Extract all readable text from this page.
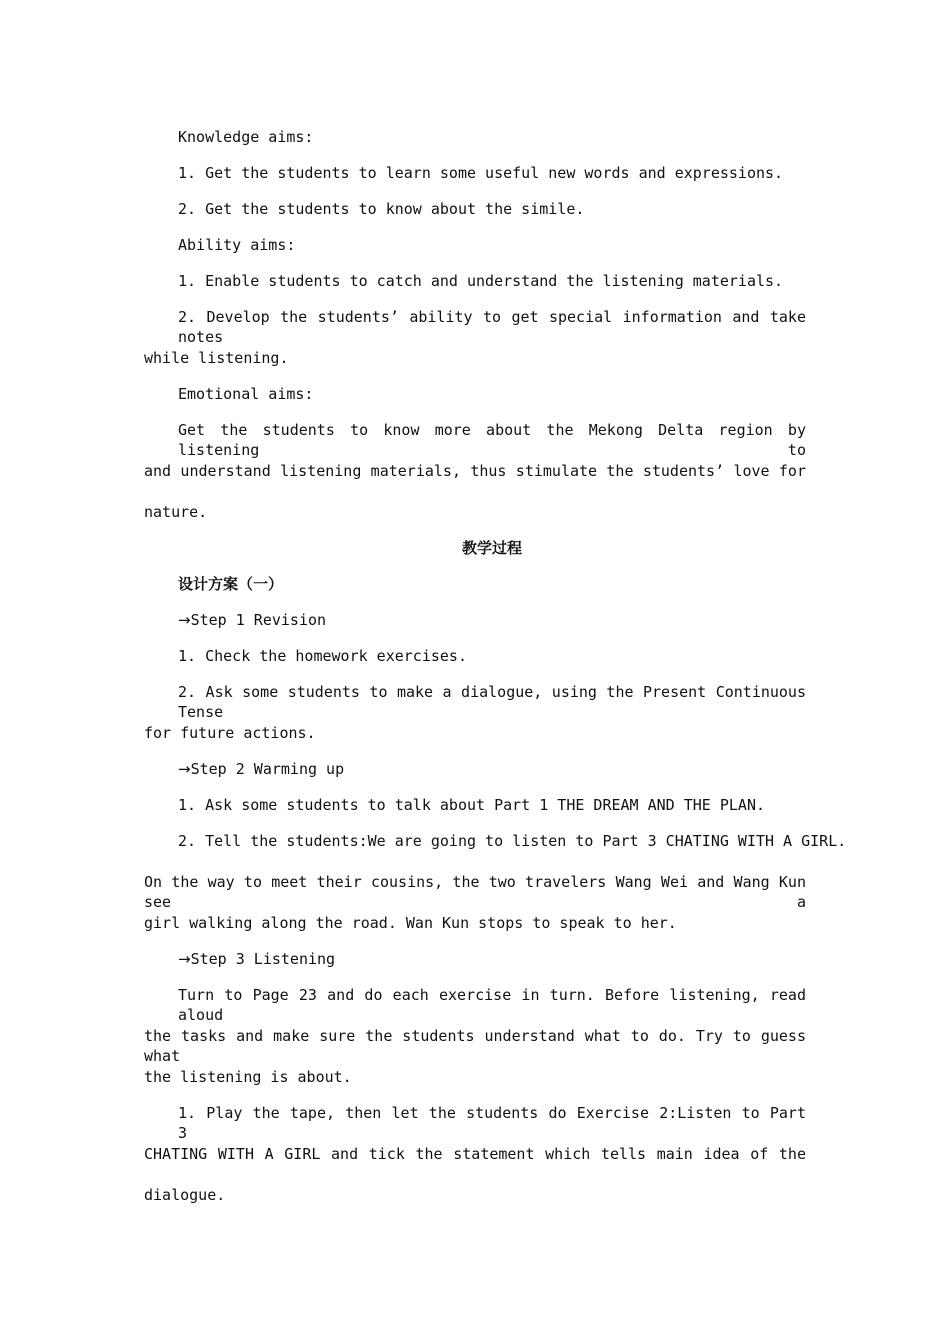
Knowledge aims:
1. Get the students to learn some useful new words and expressions.
2. Get the students to know about the simile.
Ability aims:
1. Enable students to catch and understand the listening materials.
2. Develop the students’ ability to get special information and take notes
while listening.
Emotional aims:
Get the students to know more about the Mekong Delta region by listening to
and understand listening materials, thus stimulate the students’ love for
nature.
教学过程
设计方案（一）
→Step 1 Revision
1. Check the homework exercises.
2. Ask some students to make a dialogue, using the Present Continuous Tense
for future actions.
→Step 2 Warming up
1. Ask some students to talk about Part 1 THE DREAM AND THE PLAN.
2. Tell the students:We are going to listen to Part 3 CHATING WITH A GIRL.
On the way to meet their cousins, the two travelers Wang Wei and Wang Kun see a
girl walking along the road. Wan Kun stops to speak to her.
→Step 3 Listening
Turn to Page 23 and do each exercise in turn. Before listening, read aloud
the tasks and make sure the students understand what to do. Try to guess what
the listening is about.
1. Play the tape, then let the students do Exercise 2:Listen to Part 3
CHATING WITH A GIRL and tick the statement which tells main idea of the
dialogue.
